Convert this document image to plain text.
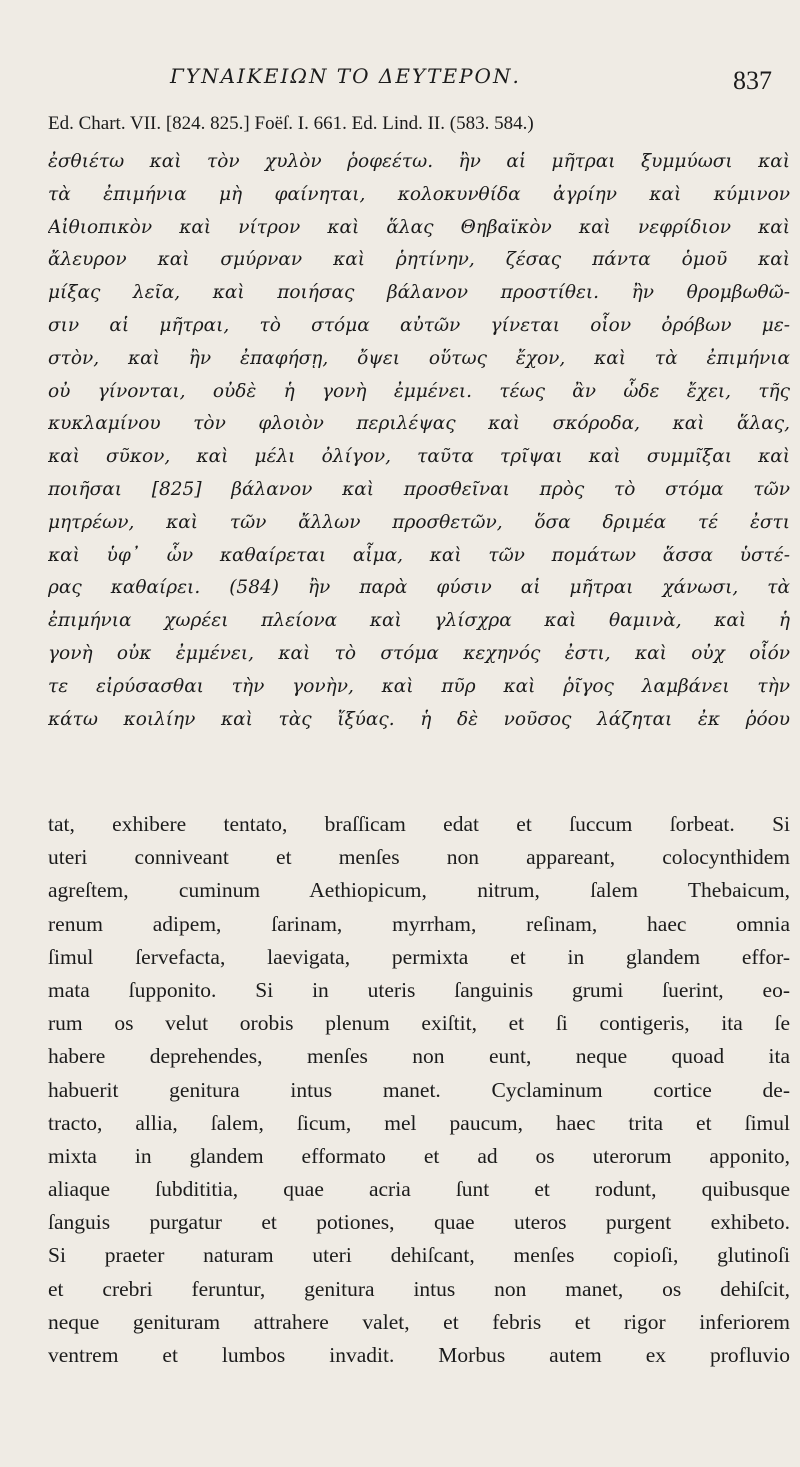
ΓΥΝΑΙΚΕΙΩΝ ΤΟ ΔΕΥΤΕΡΟΝ.	837
Ed. Chart. VII. [824. 825.] Foëſ. I. 661. Ed. Lind. II. (583. 584.)
ἐσθιέτω καὶ τὸν χυλὸν ῥοφεέτω. ἢν αἱ μῆτραι ξυμμύωσι καὶ
τὰ ἐπιμήνια μὴ φαίνηται, κολοκυνθίδα ἀγρίην καὶ κύμινον
Αἰθιοπικὸν καὶ νίτρον καὶ ἅλας Θηβαϊκὸν καὶ νεφρίδιον καὶ
ἄλευρον καὶ σμύρναν καὶ ῥητίνην, ζέσας πάντα ὁμοῦ καὶ
μίξας λεῖα, καὶ ποιήσας βάλανον προστίθει. ἢν θρομβωθῶ-
σιν αἱ μῆτραι, τὸ στόμα αὐτῶν γίνεται οἷον ὀρόβων με-
στὸν, καὶ ἢν ἐπαφήσῃ, ὄψει οὕτως ἔχον, καὶ τὰ ἐπιμήνια
οὐ γίνονται, οὐδὲ ἡ γονὴ ἐμμένει. τέως ἂν ὧδε ἔχει, τῆς
κυκλαμίνου τὸν φλοιὸν περιλέψας καὶ σκόροδα, καὶ ἅλας,
καὶ σῦκον, καὶ μέλι ὀλίγον, ταῦτα τρῖψαι καὶ συμμῖξαι καὶ
ποιῆσαι [825] βάλανον καὶ προσθεῖναι πρὸς τὸ στόμα τῶν
μητρέων, καὶ τῶν ἄλλων προσθετῶν, ὅσα δριμέα τέ ἐστι
καὶ ὑφ᾽ ὧν καθαίρεται αἷμα, καὶ τῶν πομάτων ἅσσα ὑστέ-
ρας καθαίρει. (584) ἢν παρὰ φύσιν αἱ μῆτραι χάνωσι, τὰ
ἐπιμήνια χωρέει πλείονα καὶ γλίσχρα καὶ θαμινὰ, καὶ ἡ
γονὴ οὐκ ἐμμένει, καὶ τὸ στόμα κεχηνός ἐστι, καὶ οὐχ οἷόν
τε εἰρύσασθαι τὴν γονὴν, καὶ πῦρ καὶ ῥῖγος λαμβάνει τὴν
κάτω κοιλίην καὶ τὰς ἴξύας. ἡ δὲ νοῦσος λάζηται ἐκ ῥόου
tat, exhibere tentato, braſſicam edat et ſuccum ſorbeat. Si
uteri conniveant et menſes non appareant, colocynthidem
agreſtem, cuminum Aethiopicum, nitrum, ſalem Thebaicum,
renum adipem, ſarinam, myrrham, reſinam, haec omnia
ſimul ſervefacta, laevigata, permixta et in glandem effor-
mata ſupponito. Si in uteris ſanguinis grumi ſuerint, eo-
rum os velut orobis plenum exiſtit, et ſi contigeris, ita ſe
habere deprehendes, menſes non eunt, neque quoad ita
habuerit genitura intus manet. Cyclaminum cortice de-
tracto, allia, ſalem, ſicum, mel paucum, haec trita et ſimul
mixta in glandem efformato et ad os uterorum apponito,
aliaque ſubdititia, quae acria ſunt et rodunt, quibusque
ſanguis purgatur et potiones, quae uteros purgent exhibeto.
Si praeter naturam uteri dehiſcant, menſes copioſi, glutinoſi
et crebri feruntur, genitura intus non manet, os dehiſcit,
neque genituram attrahere valet, et febris et rigor inferiorem
ventrem et lumbos invadit. Morbus autem ex profluvio
